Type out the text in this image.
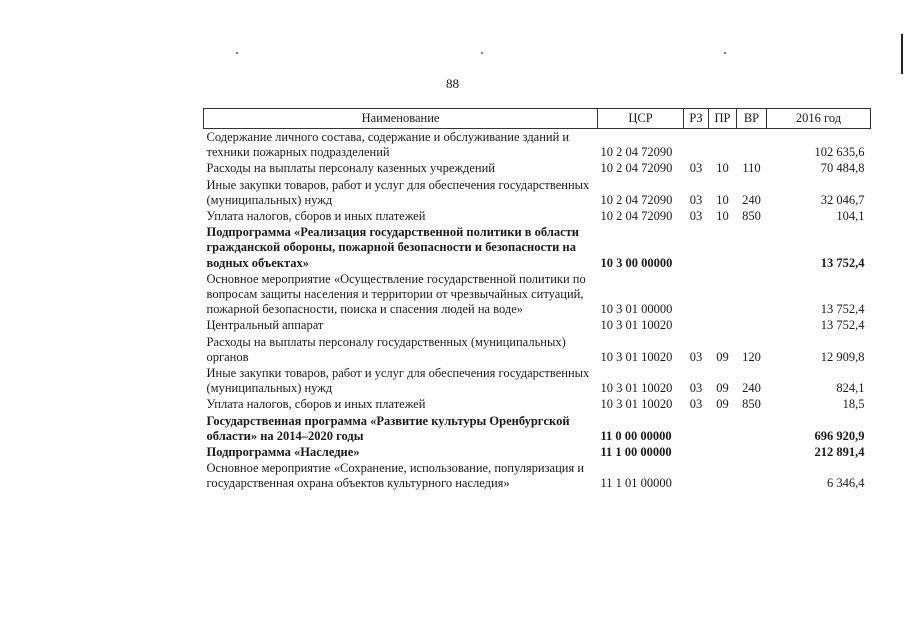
88
Наименование	ЦСР	РЗ	ПР	ВР	2016 год
Содержание личного состава, содержание и обслуживание зданий и техники пожарных подразделений	10 2 04 72090				102 635,6
Расходы на выплаты персоналу казенных учреждений	10 2 04 72090	03	10	110	70 484,8
Иные закупки товаров, работ и услуг для обеспечения государственных (муниципальных) нужд	10 2 04 72090	03	10	240	32 046,7
Уплата налогов, сборов и иных платежей	10 2 04 72090	03	10	850	104,1
Подпрограмма «Реализация государственной политики в области гражданской обороны, пожарной безопасности и безопасности на водных объектах»	10 3 00 00000				13 752,4
Основное мероприятие «Осуществление государственной политики по вопросам защиты населения и территории от чрезвычайных ситуаций, пожарной безопасности, поиска и спасения людей на воде»	10 3 01 00000				13 752,4
Центральный аппарат	10 3 01 10020				13 752,4
Расходы на выплаты персоналу государственных (муниципальных) органов	10 3 01 10020	03	09	120	12 909,8
Иные закупки товаров, работ и услуг для обеспечения государственных (муниципальных) нужд	10 3 01 10020	03	09	240	824,1
Уплата налогов, сборов и иных платежей	10 3 01 10020	03	09	850	18,5
Государственная программа «Развитие культуры Оренбургской области» на 2014–2020 годы	11 0 00 00000				696 920,9
Подпрограмма «Наследие»	11 1 00 00000				212 891,4
Основное мероприятие «Сохранение, использование, популяризация и государственная охрана объектов культурного наследия»	11 1 01 00000				6 346,4
